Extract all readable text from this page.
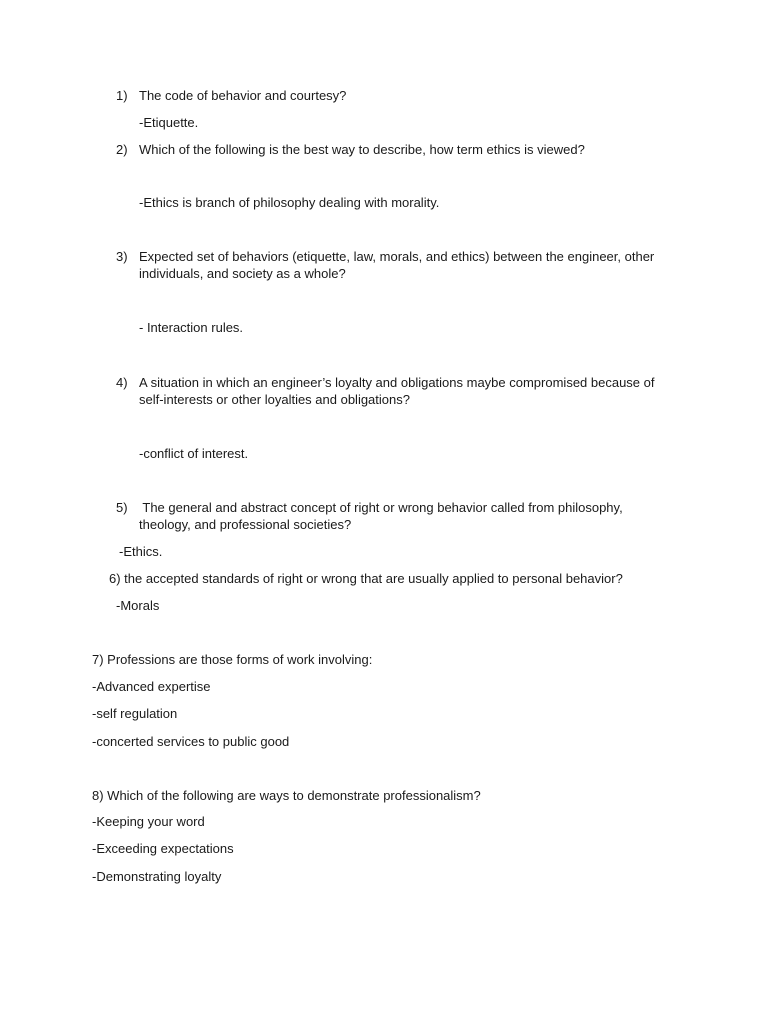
1) The code of behavior and courtesy?
-Etiquette.
2) Which of the following is the best way to describe, how term ethics is viewed?
-Ethics is branch of philosophy dealing with morality.
3) Expected set of behaviors (etiquette, law, morals, and ethics) between the engineer, other
individuals, and society as a whole?
- Interaction rules.
4) A situation in which an engineer’s loyalty and obligations maybe compromised because of
self-interests or other loyalties and obligations?
-conflict of interest.
5) The general and abstract concept of right or wrong behavior called from philosophy,
theology, and professional societies?
-Ethics.
6) the accepted standards of right or wrong that are usually applied to personal behavior?
-Morals
7) Professions are those forms of work involving:
-Advanced expertise
-self regulation
-concerted services to public good
8) Which of the following are ways to demonstrate professionalism?
-Keeping your word
-Exceeding expectations
-Demonstrating loyalty
